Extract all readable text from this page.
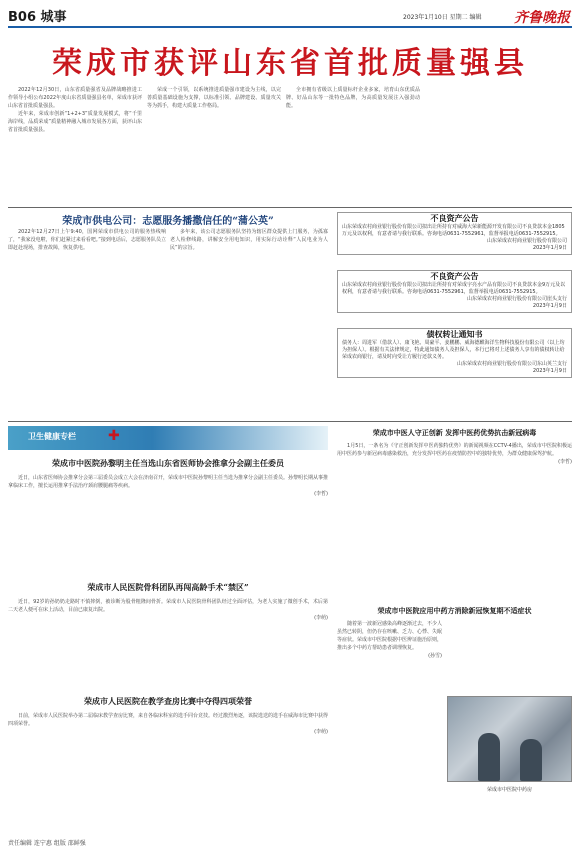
B06 城事	2023年1月10日 星期二 编辑 齐鲁晚报
荣成市获评山东省首批质量强县

2022年12月30日，山东省质量强省及品牌战略推进工作领导小组公布2022年度山东省质量强县名单，荣成市获评山东省首批质量强县。

近年来，荣成市创新“1+2+3”质量发展模式，将“千里海岸线，品质荣成”质量精神融入城市发展各方面，获评山东省首批质量强县。

荣成一个引领，以系统推进质量强市建设为主线，以完善质量基础设施为支撑，以标准引领、品牌建设、质量攻关等为抓手，构建大质量工作格局。

全市拥有省级以上质量标杆企业多家，培育山东优质品牌、好品山东等一批特色品牌，为高质量发展注入强劲动能。

荣成市供电公司：志愿服务播撒信任的“蒲公英”

2022年12月27日上午9:40，国网荣成市供电公司的服务热线响了，“我家没电啦，你们赶紧过来看看吧。”接到电话后，志愿服务队员立即赶赴现场，排查故障，恢复供电。

多年来，该公司志愿服务队坚持为辖区群众提供上门服务，为孤寡老人检修线路，讲解安全用电知识，用实际行动诠释“人民电业为人民”的宗旨。

不良资产公告
山东荣成农村商业银行股份有限公司拟出让所持有对威海大荣新能源开发有限公司不良贷款本金1805万元及以权利，有意者请与我行联系。咨询电话0631-7552961，监督举报电话0631-7552915。
山东荣成农村商业银行股份有限公司
2023年1月9日
不良资产公告
山东荣成农村商业银行股份有限公司拟出让所持有对荣成宇亮水产品有限公司不良贷款本金9万元及以权利，有意者请与我行联系。咨询电话0631-7552961，监督举报电话0631-7552915。
山东荣成农村商业银行股份有限公司崖头支行
2023年1月9日
债权转让通知书
债务人：周进军（借款人）、康飞艳、周豪平、姜鹏鹏、威海德麒海洋生物科技股份有限公司（以上均为担保人）。根据有关法律规定，特此通知债务人及担保人，本行已将对上述债务人享有的债权转让给荣成农商银行，请及时向受让方履行还款义务。
山东荣成农村商业银行股份有限公司东山英兰支行
2023年1月9日
✚
卫生健康专栏
荣成市中医院孙黎明主任当选山东省医师协会推拿分会副主任委员

近日，山东省医师协会推拿分会第三届委员会成立大会在济南召开，荣成市中医院孙黎明主任当选为推拿分会副主任委员。孙黎明长期从事推拿临床工作，擅长运用推拿手法治疗颈肩腰腿痛等疾病。

(李哲)

荣成市人民医院骨科团队再闯高龄手术“禁区”

近日，92岁的孙奶奶走路时不慎摔倒，被诊断为股骨粗隆间骨折。荣成市人民医院骨科团队经过全面评估，为老人实施了微创手术，术后第二天老人便可在床上活动，目前已康复出院。

(李萌)

荣成市人民医院在教学查房比赛中夺得四项荣誉

日前，荣成市人民医院举办第二届临床教学查房比赛，来自各临床科室的选手同台竞技。经过激烈角逐，该院选送的选手在威海市比赛中获得四项荣誉。

(李萌)

荣成市中医人守正创新 发挥中医药优势抗击新冠病毒

1月5日，一条名为《守正创新发挥中医药独特优势》的新闻视频在CCTV-4播出，荣成市中医院积极运用中医药参与新冠病毒感染救治，充分发挥中医药在疫情防控中的独特优势，为群众健康保驾护航。

(李哲)

荣成市中医院应用中药方消除新冠恢复期不适症状

随着第一波新冠感染高峰逐渐过去，不少人虽然已转阴，但仍存在咳嗽、乏力、心悸、失眠等症状。荣成市中医院根据中医辨证施治原则，推出多个中药方帮助患者调理恢复。

(孙雪)

荣成市中医院中药房
责任编辑 连宁惠 组版 邵鲜强
